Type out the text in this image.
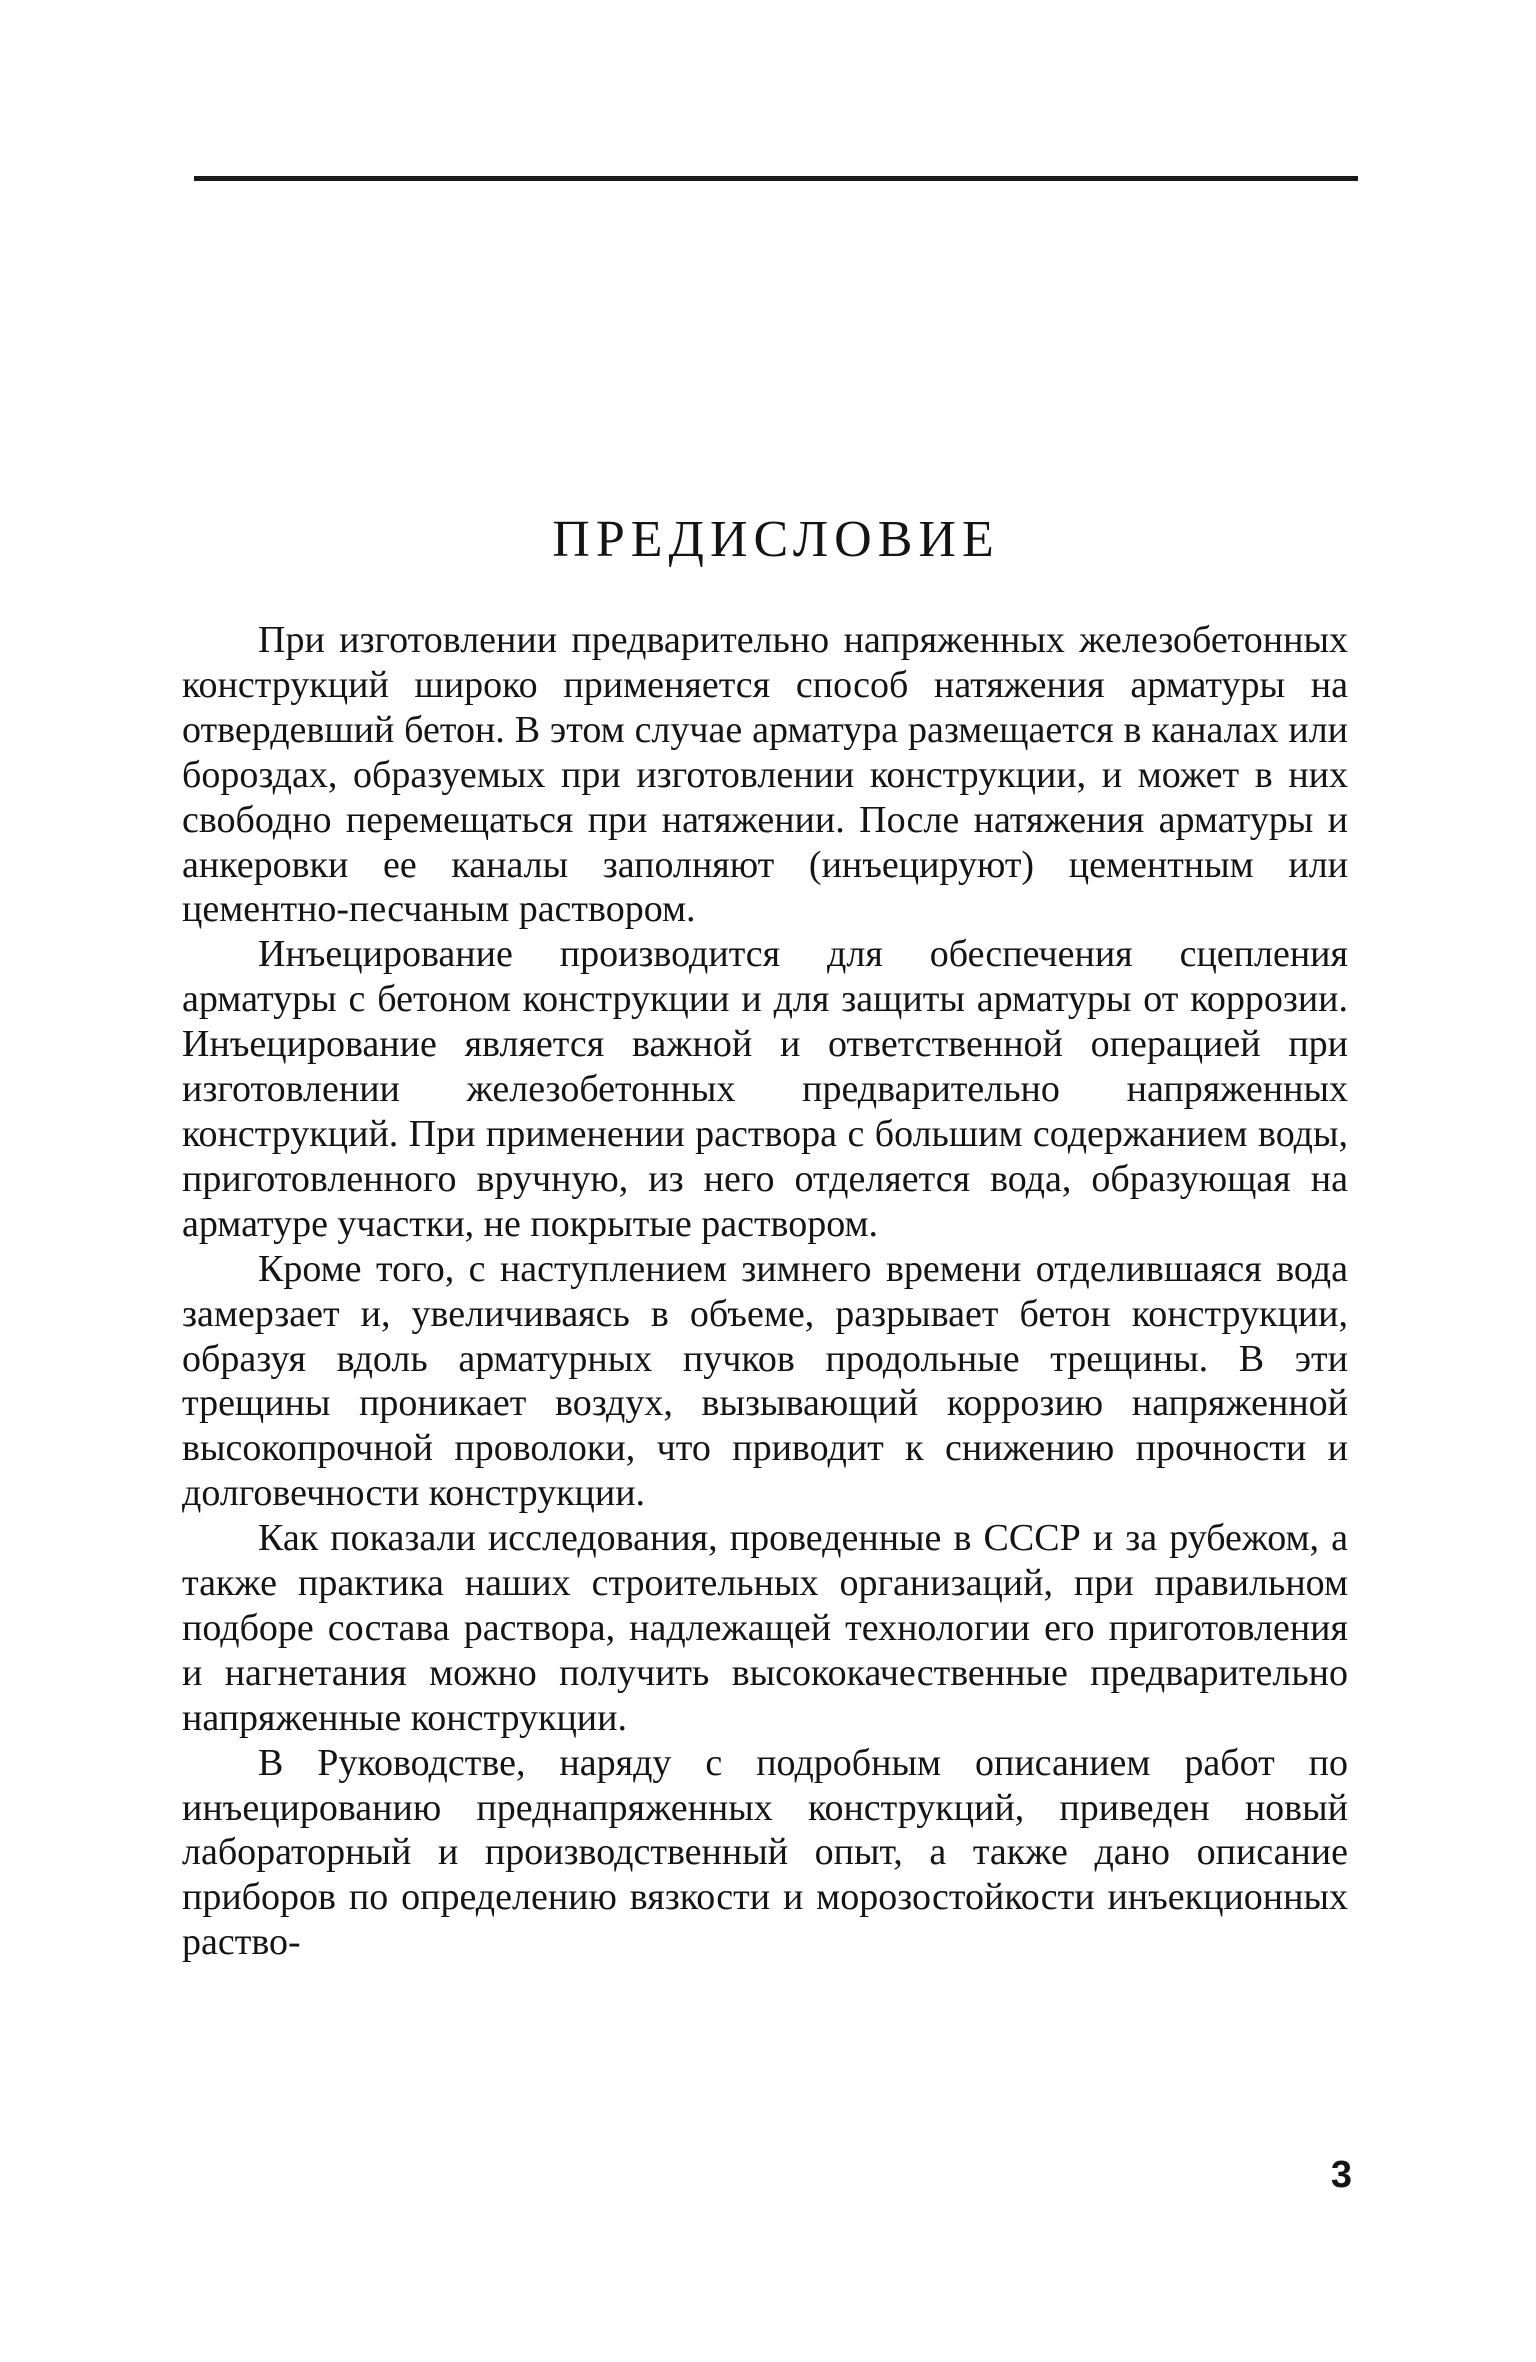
ПРЕДИСЛОВИЕ

При изготовлении предварительно напряженных железобетонных конструкций широко применяется способ натяжения арматуры на отвердевший бетон. В этом случае арматура размещается в каналах или бороздах, образуемых при изготовлении конструкции, и может в них свободно перемещаться при натяжении. После натяжения арматуры и анкеровки ее каналы заполняют (инъецируют) цементным или цементно-песчаным раствором.

Инъецирование производится для обеспечения сцепления арматуры с бетоном конструкции и для защиты арматуры от коррозии. Инъецирование является важной и ответственной операцией при изготовлении железобетонных предварительно напряженных конструкций. При применении раствора с большим содержанием воды, приготовленного вручную, из него отделяется вода, образующая на арматуре участки, не покрытые раствором.

Кроме того, с наступлением зимнего времени отделившаяся вода замерзает и, увеличиваясь в объеме, разрывает бетон конструкции, образуя вдоль арматурных пучков продольные трещины. В эти трещины проникает воздух, вызывающий коррозию напряженной высокопрочной проволоки, что приводит к снижению прочности и долговечности конструкции.

Как показали исследования, проведенные в СССР и за рубежом, а также практика наших строительных организаций, при правильном подборе состава раствора, надлежащей технологии его приготовления и нагнетания можно получить высококачественные предварительно напряженные конструкции.

В Руководстве, наряду с подробным описанием работ по инъецированию преднапряженных конструкций, приведен новый лабораторный и производственный опыт, а также дано описание приборов по определению вязкости и морозостойкости инъекционных раство-

3
